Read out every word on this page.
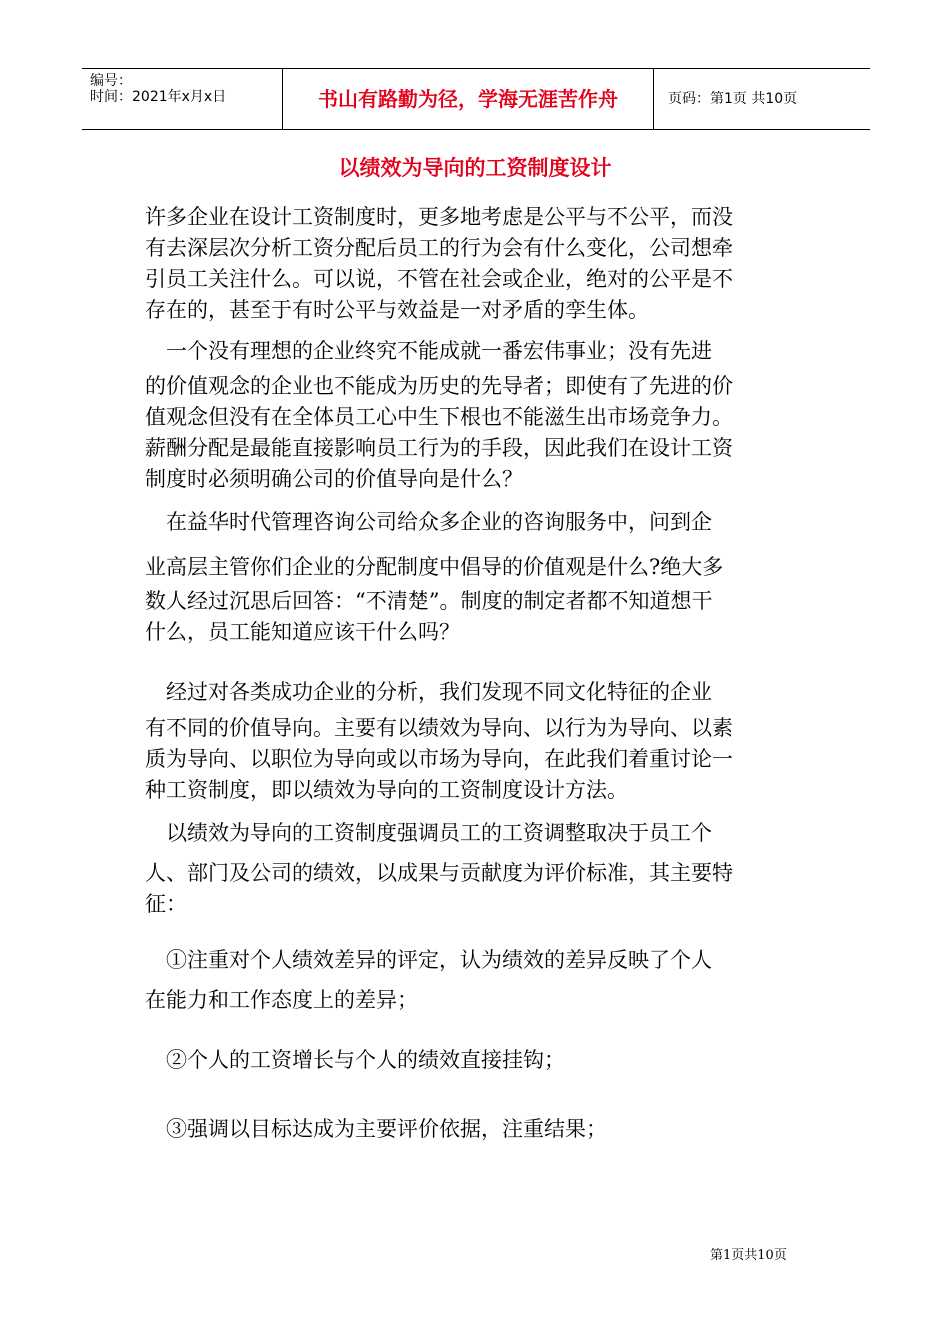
编号：
时间：2021年x月x日	书山有路勤为径，学海无涯苦作舟	页码：第1页 共10页
以绩效为导向的工资制度设计
许多企业在设计工资制度时，更多地考虑是公平与不公平，而没
有去深层次分析工资分配后员工的行为会有什么变化，公司想牵
引员工关注什么。可以说，不管在社会或企业，绝对的公平是不
存在的，甚至于有时公平与效益是一对矛盾的孪生体。
　一个没有理想的企业终究不能成就一番宏伟事业；没有先进
的价值观念的企业也不能成为历史的先导者；即使有了先进的价
值观念但没有在全体员工心中生下根也不能滋生出市场竞争力。
薪酬分配是最能直接影响员工行为的手段，因此我们在设计工资
制度时必须明确公司的价值导向是什么？
　在益华时代管理咨询公司给众多企业的咨询服务中，问到企
业高层主管你们企业的分配制度中倡导的价值观是什么?绝大多
数人经过沉思后回答：“不清楚”。制度的制定者都不知道想干
什么，员工能知道应该干什么吗？
　经过对各类成功企业的分析，我们发现不同文化特征的企业
有不同的价值导向。主要有以绩效为导向、以行为为导向、以素
质为导向、以职位为导向或以市场为导向，在此我们着重讨论一
种工资制度，即以绩效为导向的工资制度设计方法。
　以绩效为导向的工资制度强调员工的工资调整取决于员工个
人、部门及公司的绩效，以成果与贡献度为评价标准，其主要特
征：
　①注重对个人绩效差异的评定，认为绩效的差异反映了个人
在能力和工作态度上的差异；
　②个人的工资增长与个人的绩效直接挂钩；
　③强调以目标达成为主要评价依据，注重结果；
第1页共10页
